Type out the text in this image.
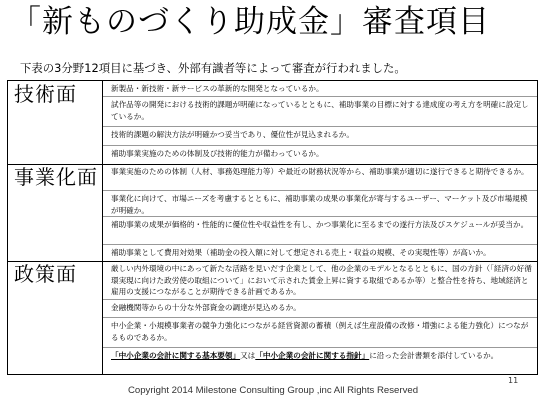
「新ものづくり助成金」審査項目
下表の3分野12項目に基づき、外部有識者等によって審査が行われました。
技術面	新製品・新技術・新サービスの革新的な開発となっているか。
試作品等の開発における技術的課題が明確になっているとともに、補助事業の目標に対する達成度の考え方を明確に設定しているか。
技術的課題の解決方法が明確かつ妥当であり、優位性が見込まれるか。
補助事業実施のための体制及び技術的能力が備わっているか。
事業化面 事業実施のための体制（人材、事務処理能力等）や最近の財務状況等から、補助事業が適切に遂行できると期待できるか。
事業化に向けて、市場ニーズを考慮するとともに、補助事業の成果の事業化が寄与するユーザー、マーケット及び市場規模が明確か。
補助事業の成果が価格的・性能的に優位性や収益性を有し、かつ事業化に至るまでの遂行方法及びスケジュールが妥当か。
補助事業として費用対効果（補助金の投入額に対して想定される売上・収益の規模、その実現性等）が高いか。
政策面	厳しい内外環境の中にあって新たな活路を見いだす企業として、他の企業のモデルとなるとともに、国の方針（「経済の好循環実現に向けた政労使の取組について」において示された賃金上昇に資する取組であるか等）と整合性を持ち、地域経済と雇用の支援につながることが期待できる計画であるか。
金融機関等からの十分な外部資金の調達が見込めるか。
中小企業・小規模事業者の競争力強化につながる経営資源の蓄積（例えば生産設備の改修・増強による能力強化）につながるものであるか。
「中小企業の会計に関する基本要領」又は「中小企業の会計に関する指針」に沿った会計書類を添付しているか。
11
Copyright 2014 Milestone Consulting Group ,inc All Rights Reserved
